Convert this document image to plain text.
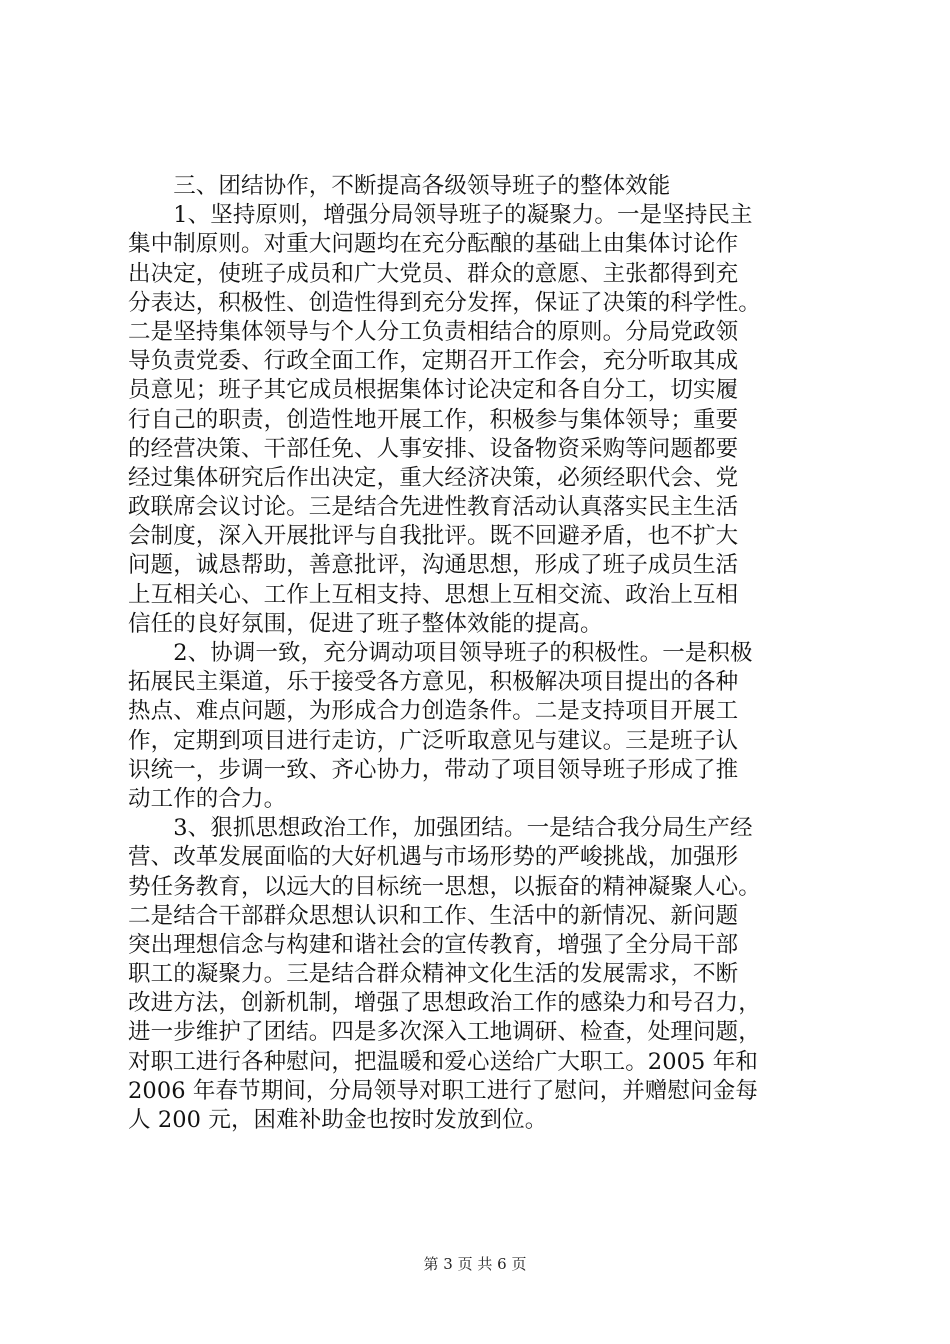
　　三、团结协作，不断提高各级领导班子的整体效能
　　1、坚持原则，增强分局领导班子的凝聚力。一是坚持民主
集中制原则。对重大问题均在充分酝酿的基础上由集体讨论作
出决定，使班子成员和广大党员、群众的意愿、主张都得到充
分表达，积极性、创造性得到充分发挥，保证了决策的科学性。
二是坚持集体领导与个人分工负责相结合的原则。分局党政领
导负责党委、行政全面工作，定期召开工作会，充分听取其成
员意见；班子其它成员根据集体讨论决定和各自分工，切实履
行自己的职责，创造性地开展工作，积极参与集体领导；重要
的经营决策、干部任免、人事安排、设备物资采购等问题都要
经过集体研究后作出决定，重大经济决策，必须经职代会、党
政联席会议讨论。三是结合先进性教育活动认真落实民主生活
会制度，深入开展批评与自我批评。既不回避矛盾，也不扩大
问题，诚恳帮助，善意批评，沟通思想，形成了班子成员生活
上互相关心、工作上互相支持、思想上互相交流、政治上互相
信任的良好氛围，促进了班子整体效能的提高。
　　2、协调一致，充分调动项目领导班子的积极性。一是积极
拓展民主渠道，乐于接受各方意见，积极解决项目提出的各种
热点、难点问题，为形成合力创造条件。二是支持项目开展工
作，定期到项目进行走访，广泛听取意见与建议。三是班子认
识统一，步调一致、齐心协力，带动了项目领导班子形成了推
动工作的合力。
　　3、狠抓思想政治工作，加强团结。一是结合我分局生产经
营、改革发展面临的大好机遇与市场形势的严峻挑战，加强形
势任务教育，以远大的目标统一思想，以振奋的精神凝聚人心。
二是结合干部群众思想认识和工作、生活中的新情况、新问题
突出理想信念与构建和谐社会的宣传教育，增强了全分局干部
职工的凝聚力。三是结合群众精神文化生活的发展需求，不断
改进方法，创新机制，增强了思想政治工作的感染力和号召力，
进一步维护了团结。四是多次深入工地调研、检查，处理问题，
对职工进行各种慰问，把温暖和爱心送给广大职工。2005 年和
2006 年春节期间，分局领导对职工进行了慰问，并赠慰问金每
人 200 元，困难补助金也按时发放到位。
第 3 页 共 6 页
